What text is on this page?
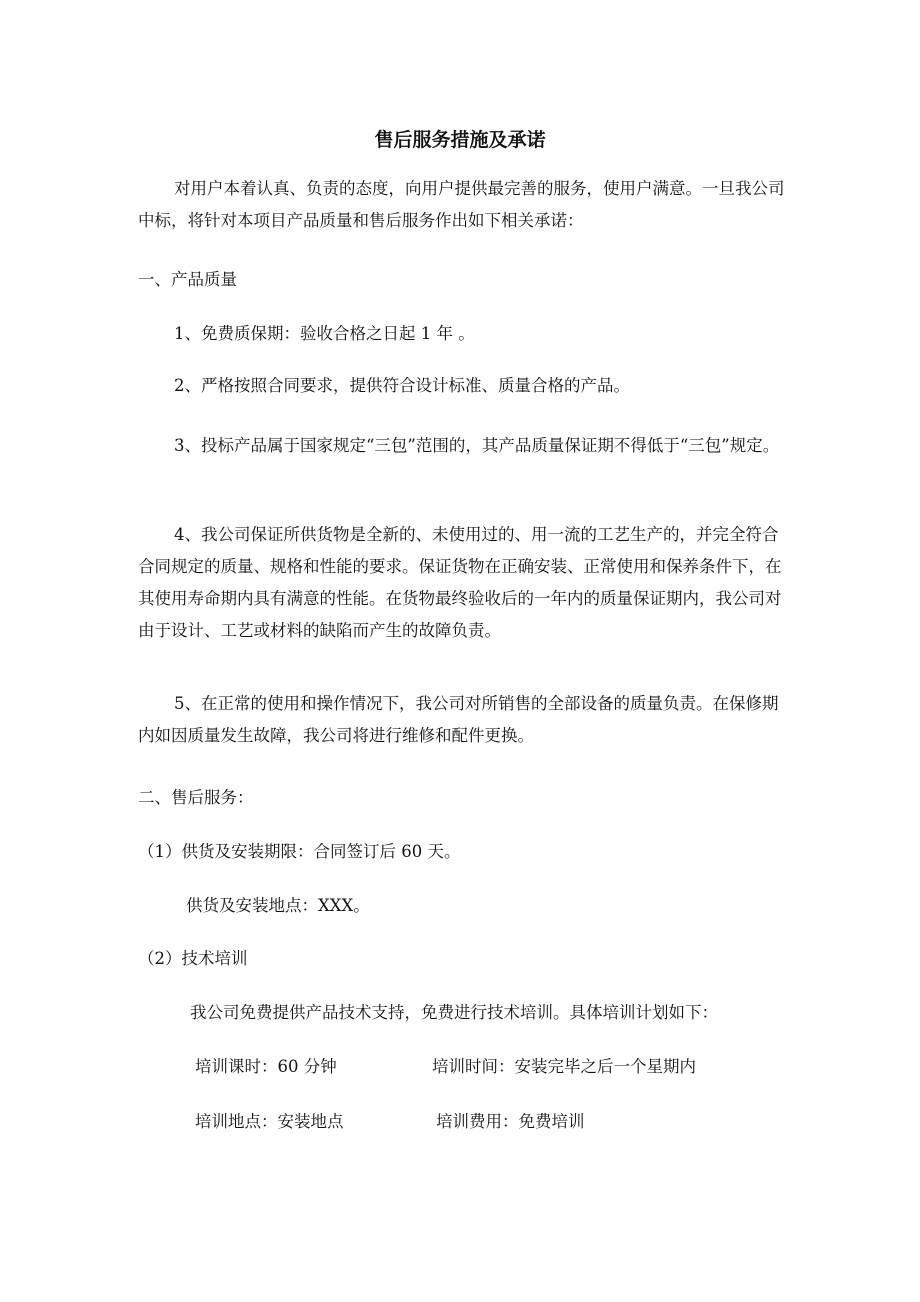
售后服务措施及承诺

对用户本着认真、负责的态度，向用户提供最完善的服务，使用户满意。一旦我公司中标，将针对本项目产品质量和售后服务作出如下相关承诺：

一、产品质量

1、免费质保期：验收合格之日起 1 年 。

2、严格按照合同要求，提供符合设计标准、质量合格的产品。

3、投标产品属于国家规定“三包”范围的，其产品质量保证期不得低于“三包”规定。

4、我公司保证所供货物是全新的、未使用过的、用一流的工艺生产的，并完全符合合同规定的质量、规格和性能的要求。保证货物在正确安装、正常使用和保养条件下，在其使用寿命期内具有满意的性能。在货物最终验收后的一年内的质量保证期内，我公司对由于设计、工艺或材料的缺陷而产生的故障负责。

5、在正常的使用和操作情况下，我公司对所销售的全部设备的质量负责。在保修期内如因质量发生故障，我公司将进行维修和配件更换。

二、售后服务：

（1）供货及安装期限：合同签订后 60 天。

供货及安装地点：XXX。

（2）技术培训

我公司免费提供产品技术支持，免费进行技术培训。具体培训计划如下：

培训课时：60 分钟	培训时间：安装完毕之后一个星期内

培训地点：安装地点	培训费用：免费培训
